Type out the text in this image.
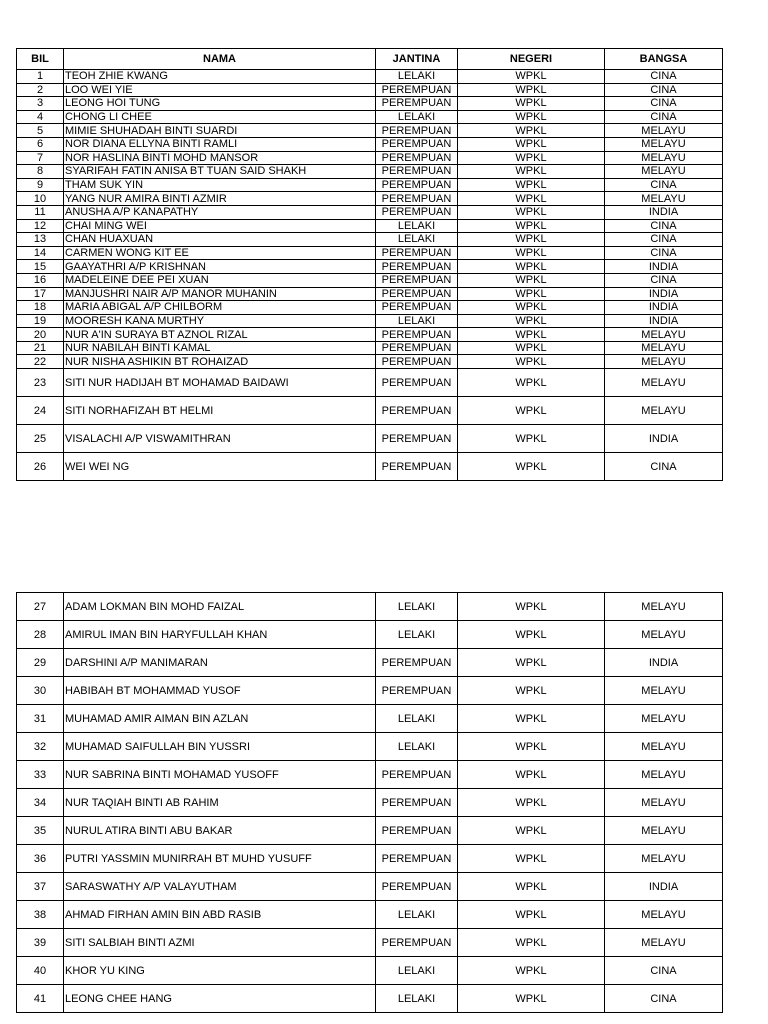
BIL	NAMA	JANTINA	NEGERI	BANGSA
1	TEOH ZHIE KWANG	LELAKI	WPKL	CINA
2	LOO WEI YIE	PEREMPUAN	WPKL	CINA
3	LEONG HOI TUNG	PEREMPUAN	WPKL	CINA
4	CHONG LI CHEE	LELAKI	WPKL	CINA
5	MIMIE SHUHADAH BINTI SUARDI	PEREMPUAN	WPKL	MELAYU
6	NOR DIANA ELLYNA BINTI RAMLI	PEREMPUAN	WPKL	MELAYU
7	NOR HASLINA BINTI MOHD MANSOR	PEREMPUAN	WPKL	MELAYU
8	SYARIFAH FATIN ANISA BT TUAN SAID SHAKH	PEREMPUAN	WPKL	MELAYU
9	THAM SUK YIN	PEREMPUAN	WPKL	CINA
10	YANG NUR AMIRA BINTI AZMIR	PEREMPUAN	WPKL	MELAYU
11	ANUSHA A/P KANAPATHY	PEREMPUAN	WPKL	INDIA
12	CHAI MING WEI	LELAKI	WPKL	CINA
13	CHAN HUAXUAN	LELAKI	WPKL	CINA
14	CARMEN WONG KIT EE	PEREMPUAN	WPKL	CINA
15	GAAYATHRI A/P KRISHNAN	PEREMPUAN	WPKL	INDIA
16	MADELEINE DEE PEI XUAN	PEREMPUAN	WPKL	CINA
17	MANJUSHRI NAIR A/P MANOR MUHANIN	PEREMPUAN	WPKL	INDIA
18	MARIA ABIGAL A/P CHILBORM	PEREMPUAN	WPKL	INDIA
19	MOORESH KANA MURTHY	LELAKI	WPKL	INDIA
20	NUR A'IN SURAYA BT AZNOL RIZAL	PEREMPUAN	WPKL	MELAYU
21	NUR NABILAH BINTI KAMAL	PEREMPUAN	WPKL	MELAYU
22	NUR NISHA ASHIKIN BT ROHAIZAD	PEREMPUAN	WPKL	MELAYU
23	SITI NUR HADIJAH BT MOHAMAD BAIDAWI	PEREMPUAN	WPKL	MELAYU
24	SITI NORHAFIZAH BT HELMI	PEREMPUAN	WPKL	MELAYU
25	VISALACHI A/P VISWAMITHRAN	PEREMPUAN	WPKL	INDIA
26	WEI WEI NG	PEREMPUAN	WPKL	CINA
27	ADAM LOKMAN BIN MOHD FAIZAL	LELAKI	WPKL	MELAYU
28	AMIRUL IMAN BIN HARYFULLAH KHAN	LELAKI	WPKL	MELAYU
29	DARSHINI A/P MANIMARAN	PEREMPUAN	WPKL	INDIA
30	HABIBAH BT MOHAMMAD YUSOF	PEREMPUAN	WPKL	MELAYU
31	MUHAMAD AMIR AIMAN BIN AZLAN	LELAKI	WPKL	MELAYU
32	MUHAMAD SAIFULLAH BIN YUSSRI	LELAKI	WPKL	MELAYU
33	NUR SABRINA BINTI MOHAMAD YUSOFF	PEREMPUAN	WPKL	MELAYU
34	NUR TAQIAH BINTI AB RAHIM	PEREMPUAN	WPKL	MELAYU
35	NURUL ATIRA BINTI ABU BAKAR	PEREMPUAN	WPKL	MELAYU
36	PUTRI YASSMIN MUNIRRAH BT MUHD YUSUFF	PEREMPUAN	WPKL	MELAYU
37	SARASWATHY A/P VALAYUTHAM	PEREMPUAN	WPKL	INDIA
38	AHMAD FIRHAN AMIN BIN ABD RASIB	LELAKI	WPKL	MELAYU
39	SITI SALBIAH BINTI AZMI	PEREMPUAN	WPKL	MELAYU
40	KHOR YU KING	LELAKI	WPKL	CINA
41	LEONG CHEE HANG	LELAKI	WPKL	CINA
